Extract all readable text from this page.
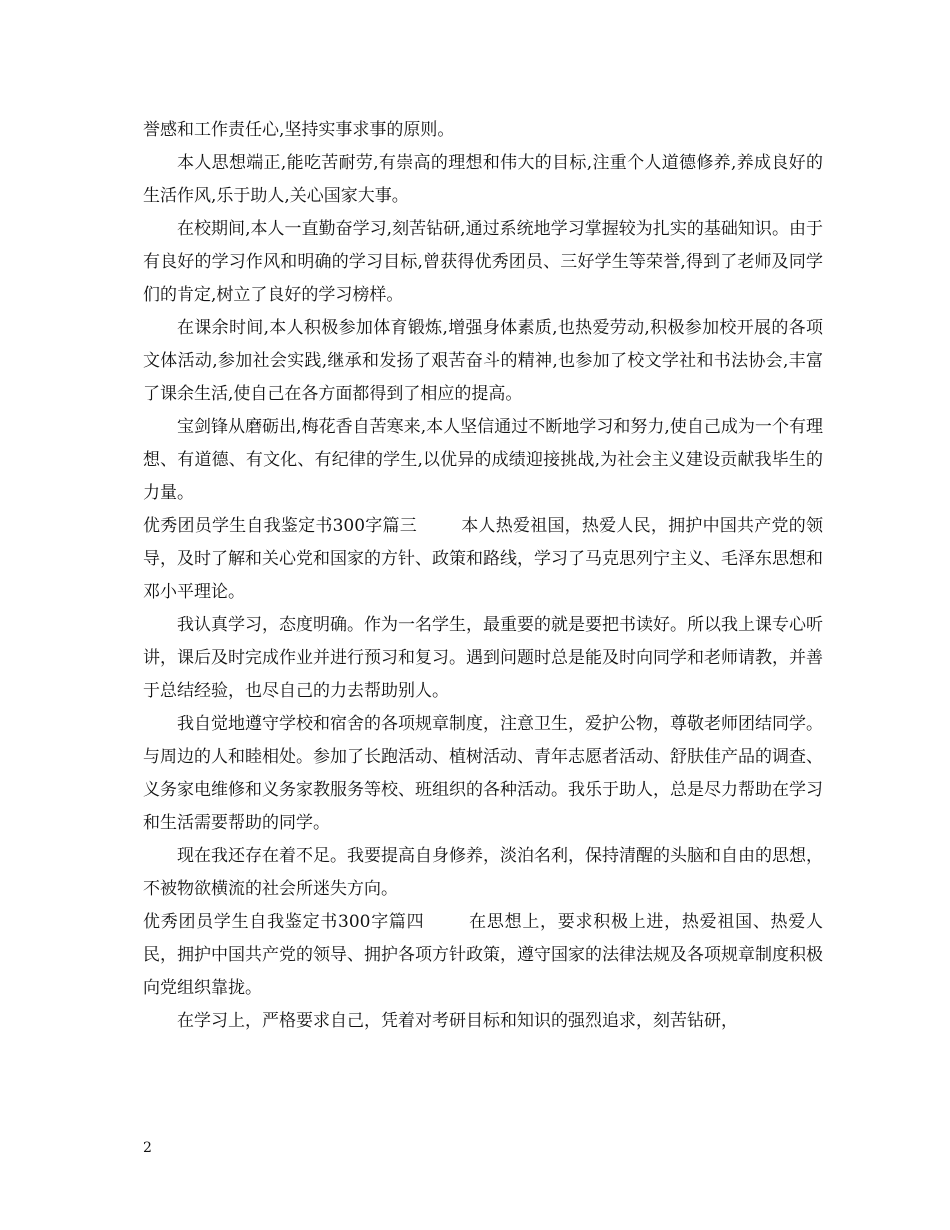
誉感和工作责任心,坚持实事求事的原则。

本人思想端正,能吃苦耐劳,有崇高的理想和伟大的目标,注重个人道德修养,养成良好的生活作风,乐于助人,关心国家大事。

在校期间,本人一直勤奋学习,刻苦钻研,通过系统地学习掌握较为扎实的基础知识。由于有良好的学习作风和明确的学习目标,曾获得优秀团员、三好学生等荣誉,得到了老师及同学们的肯定,树立了良好的学习榜样。

在课余时间,本人积极参加体育锻炼,增强身体素质,也热爱劳动,积极参加校开展的各项文体活动,参加社会实践,继承和发扬了艰苦奋斗的精神,也参加了校文学社和书法协会,丰富了课余生活,使自己在各方面都得到了相应的提高。

宝剑锋从磨砺出,梅花香自苦寒来,本人坚信通过不断地学习和努力,使自己成为一个有理想、有道德、有文化、有纪律的学生,以优异的成绩迎接挑战,为社会主义建设贡献我毕生的力量。

优秀团员学生自我鉴定书300字篇三	本人热爱祖国，热爱人民，拥护中国共产党的领导，及时了解和关心党和国家的方针、政策和路线，学习了马克思列宁主义、毛泽东思想和邓小平理论。

我认真学习，态度明确。作为一名学生，最重要的就是要把书读好。所以我上课专心听讲，课后及时完成作业并进行预习和复习。遇到问题时总是能及时向同学和老师请教，并善于总结经验，也尽自己的力去帮助别人。

我自觉地遵守学校和宿舍的各项规章制度，注意卫生，爱护公物，尊敬老师团结同学。与周边的人和睦相处。参加了长跑活动、植树活动、青年志愿者活动、舒肤佳产品的调查、义务家电维修和义务家教服务等校、班组织的各种活动。我乐于助人，总是尽力帮助在学习和生活需要帮助的同学。

现在我还存在着不足。我要提高自身修养，淡泊名利，保持清醒的头脑和自由的思想，不被物欲横流的社会所迷失方向。

优秀团员学生自我鉴定书300字篇四	在思想上，要求积极上进，热爱祖国、热爱人民，拥护中国共产党的领导、拥护各项方针政策，遵守国家的法律法规及各项规章制度积极向党组织靠拢。

在学习上，严格要求自己，凭着对考研目标和知识的强烈追求，刻苦钻研，

2
